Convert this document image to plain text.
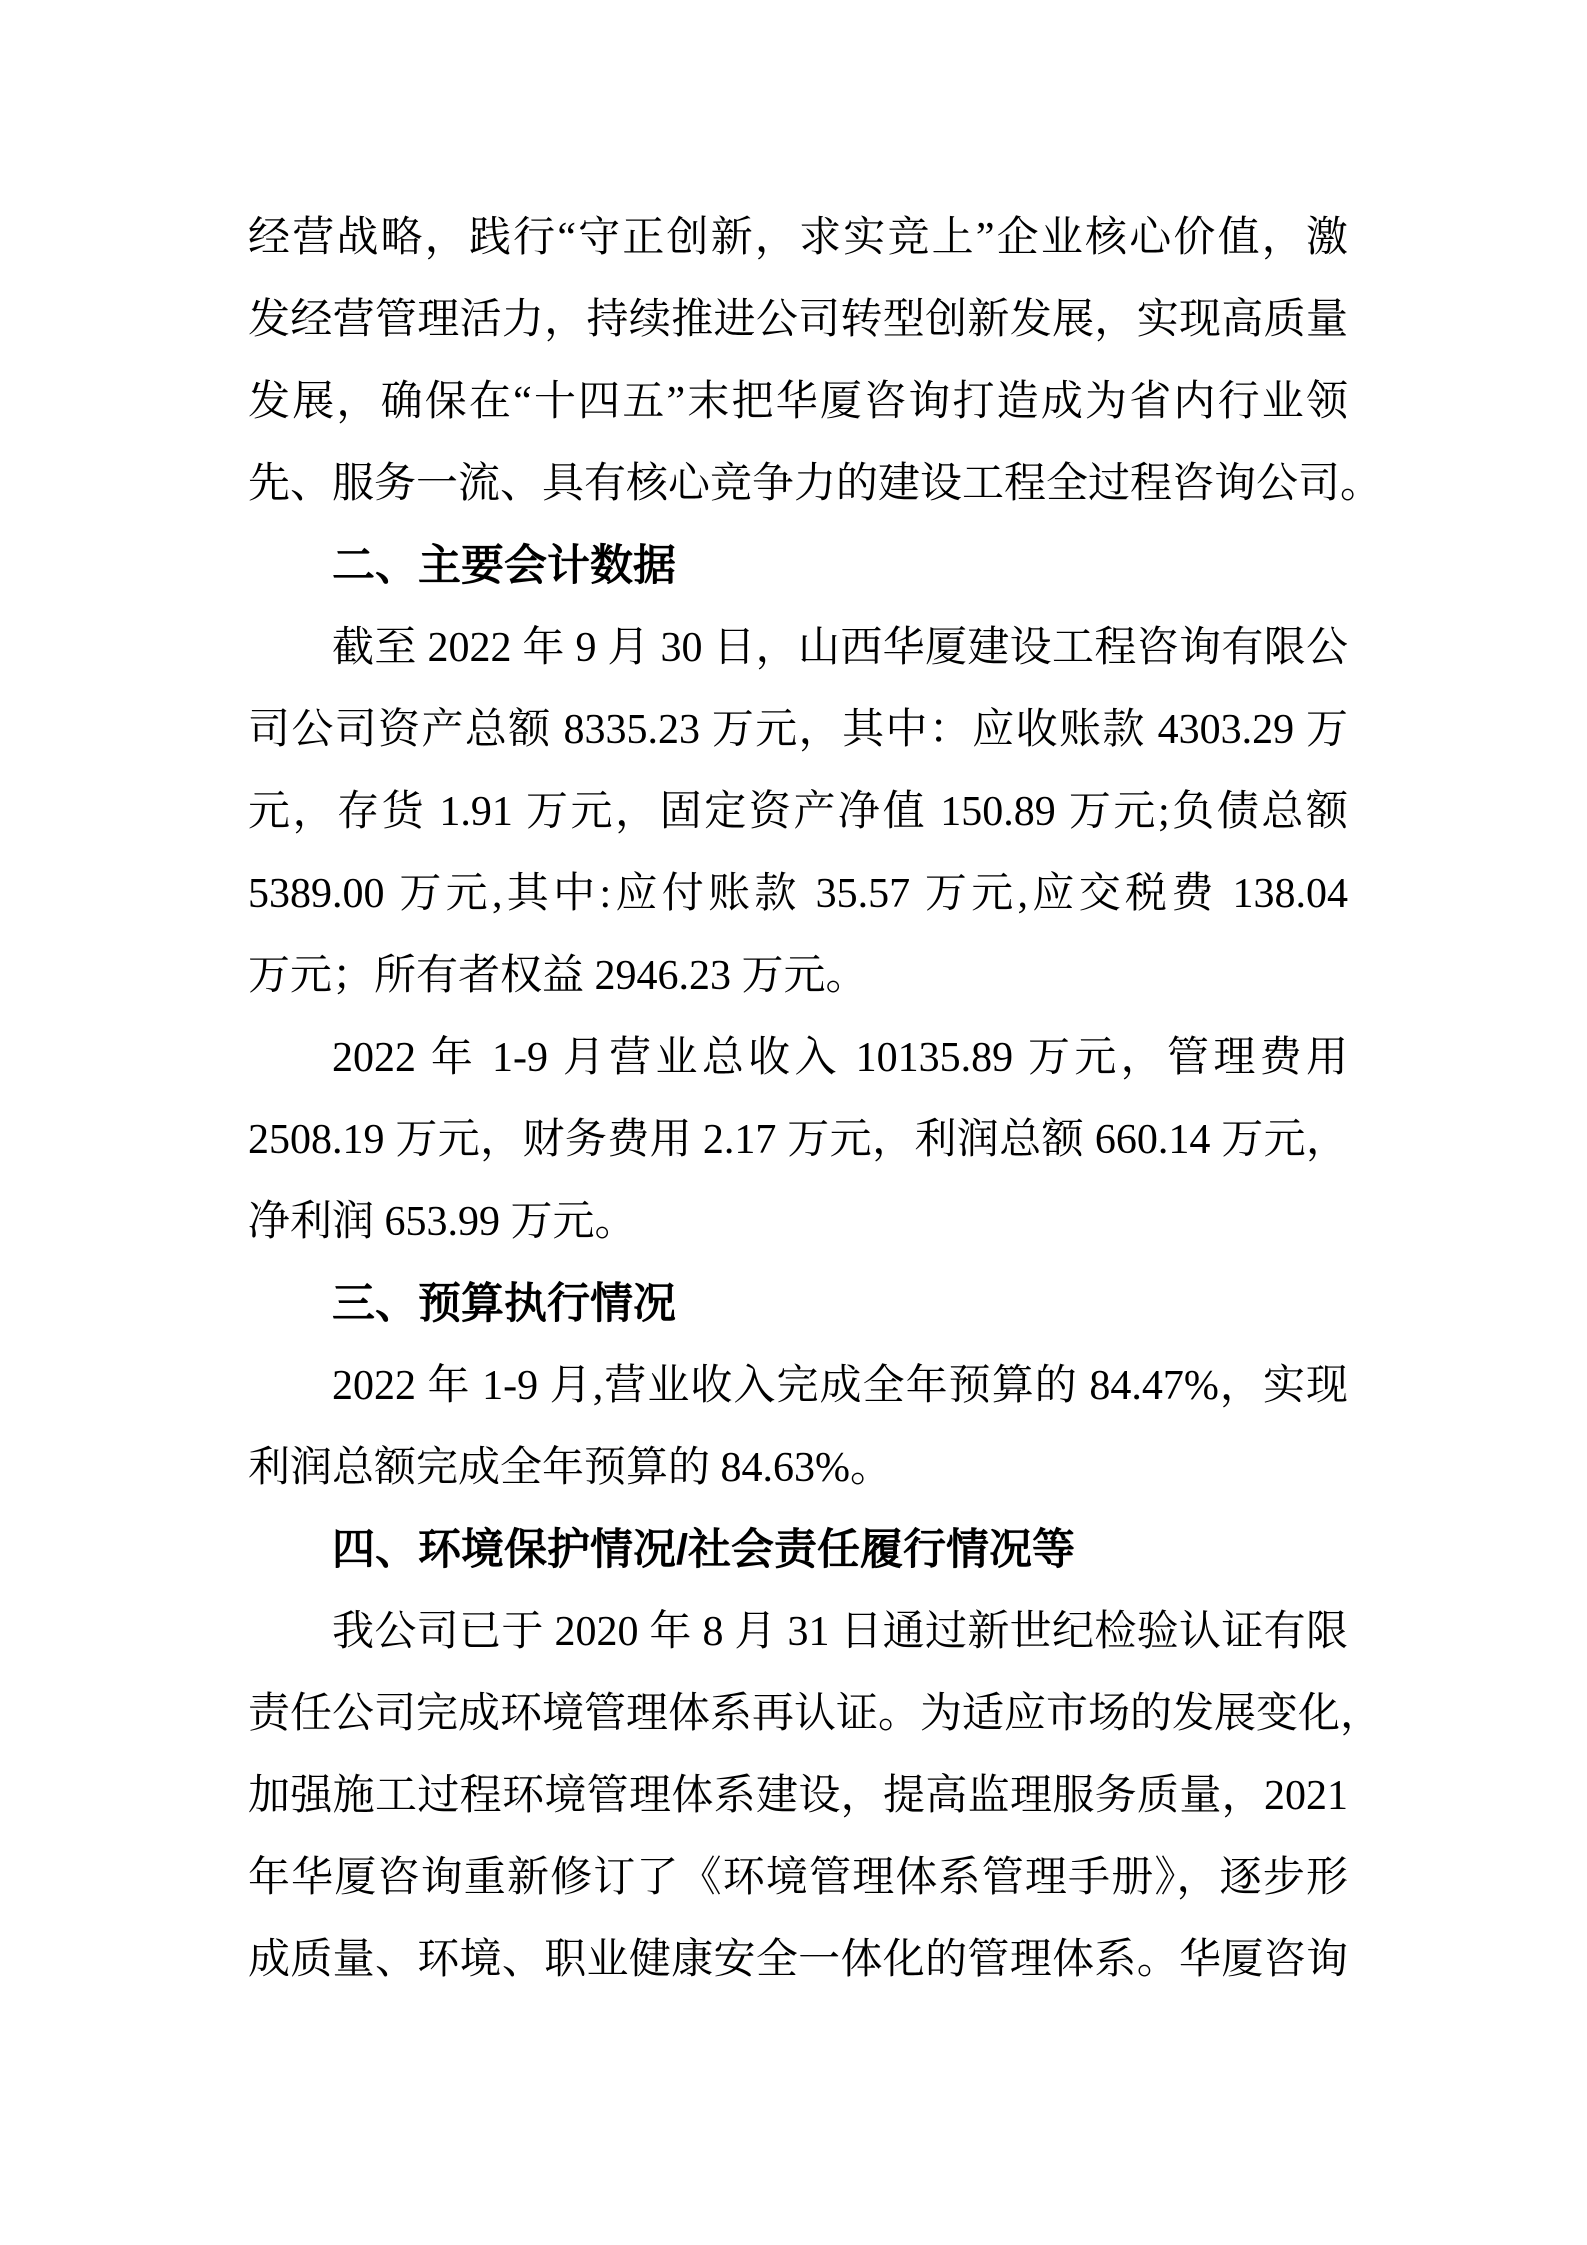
经营战略，践行“守正创新，求实竞上”企业核心价值，激
发经营管理活力，持续推进公司转型创新发展，实现高质量
发展，确保在“十四五”末把华厦咨询打造成为省内行业领
先、服务一流、具有核心竞争力的建设工程全过程咨询公司。
二、主要会计数据
截至 2022 年 9 月 30 日，山西华厦建设工程咨询有限公
司公司资产总额 8335.23 万元，其中：应收账款 4303.29 万
元，存货 1.91 万元，固定资产净值 150.89 万元;负债总额
5389.00 万元,其中:应付账款 35.57 万元,应交税费 138.04
万元；所有者权益 2946.23 万元。
2022 年 1-9 月营业总收入 10135.89 万元，管理费用
2508.19 万元，财务费用 2.17 万元，利润总额 660.14 万元，
净利润 653.99 万元。
三、预算执行情况
2022 年 1-9 月,营业收入完成全年预算的 84.47%，实现
利润总额完成全年预算的 84.63%。
四、环境保护情况/社会责任履行情况等
我公司已于 2020 年 8 月 31 日通过新世纪检验认证有限
责任公司完成环境管理体系再认证。为适应市场的发展变化，
加强施工过程环境管理体系建设，提高监理服务质量，2021
年华厦咨询重新修订了《环境管理体系管理手册》，逐步形
成质量、环境、职业健康安全一体化的管理体系。华厦咨询
